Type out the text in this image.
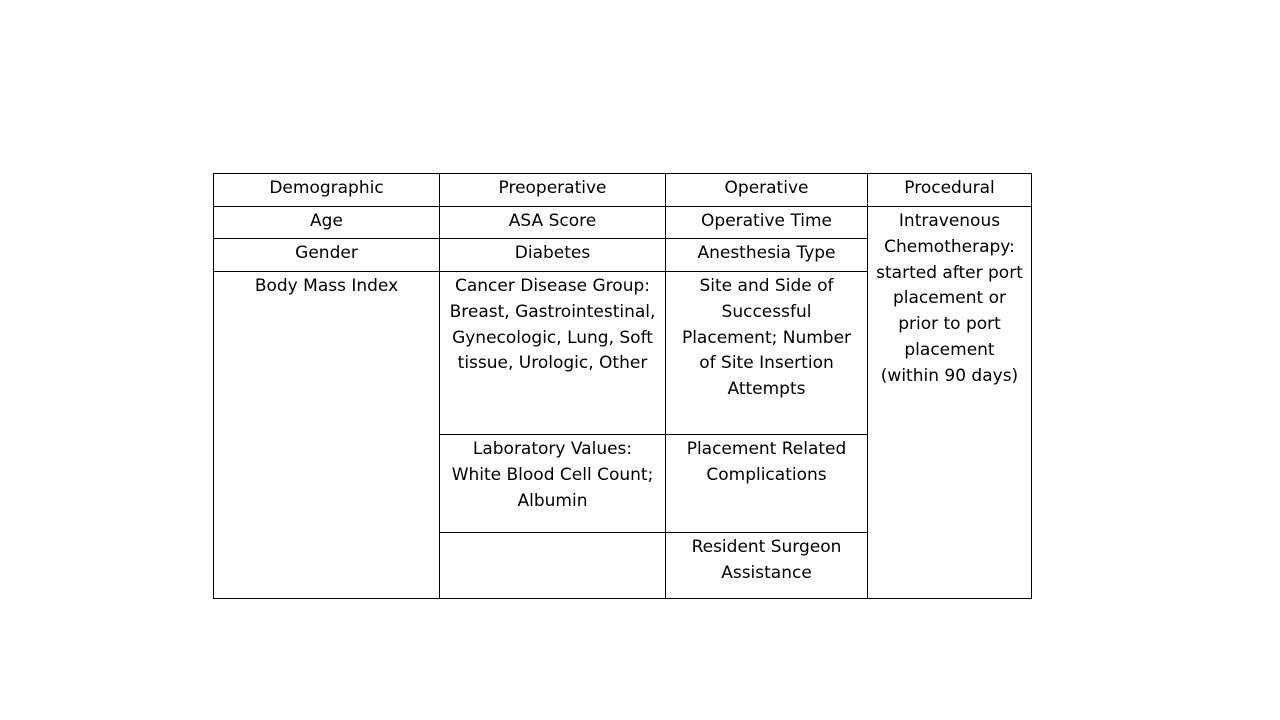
Demographic	Preoperative	Operative	Procedural

Age	ASA Score	Operative Time	Intravenous Chemotherapy: started after port placement or prior to port placement (within 90 days)

Gender	Diabetes	Anesthesia Type	

Body Mass Index	Cancer Disease Group: Breast, Gastrointestinal, Gynecologic, Lung, Soft tissue, Urologic, Other	Site and Side of Successful Placement; Number of Site Insertion Attempts	

	Laboratory Values: White Blood Cell Count; Albumin	Placement Related Complications	

		Resident Surgeon Assistance	
